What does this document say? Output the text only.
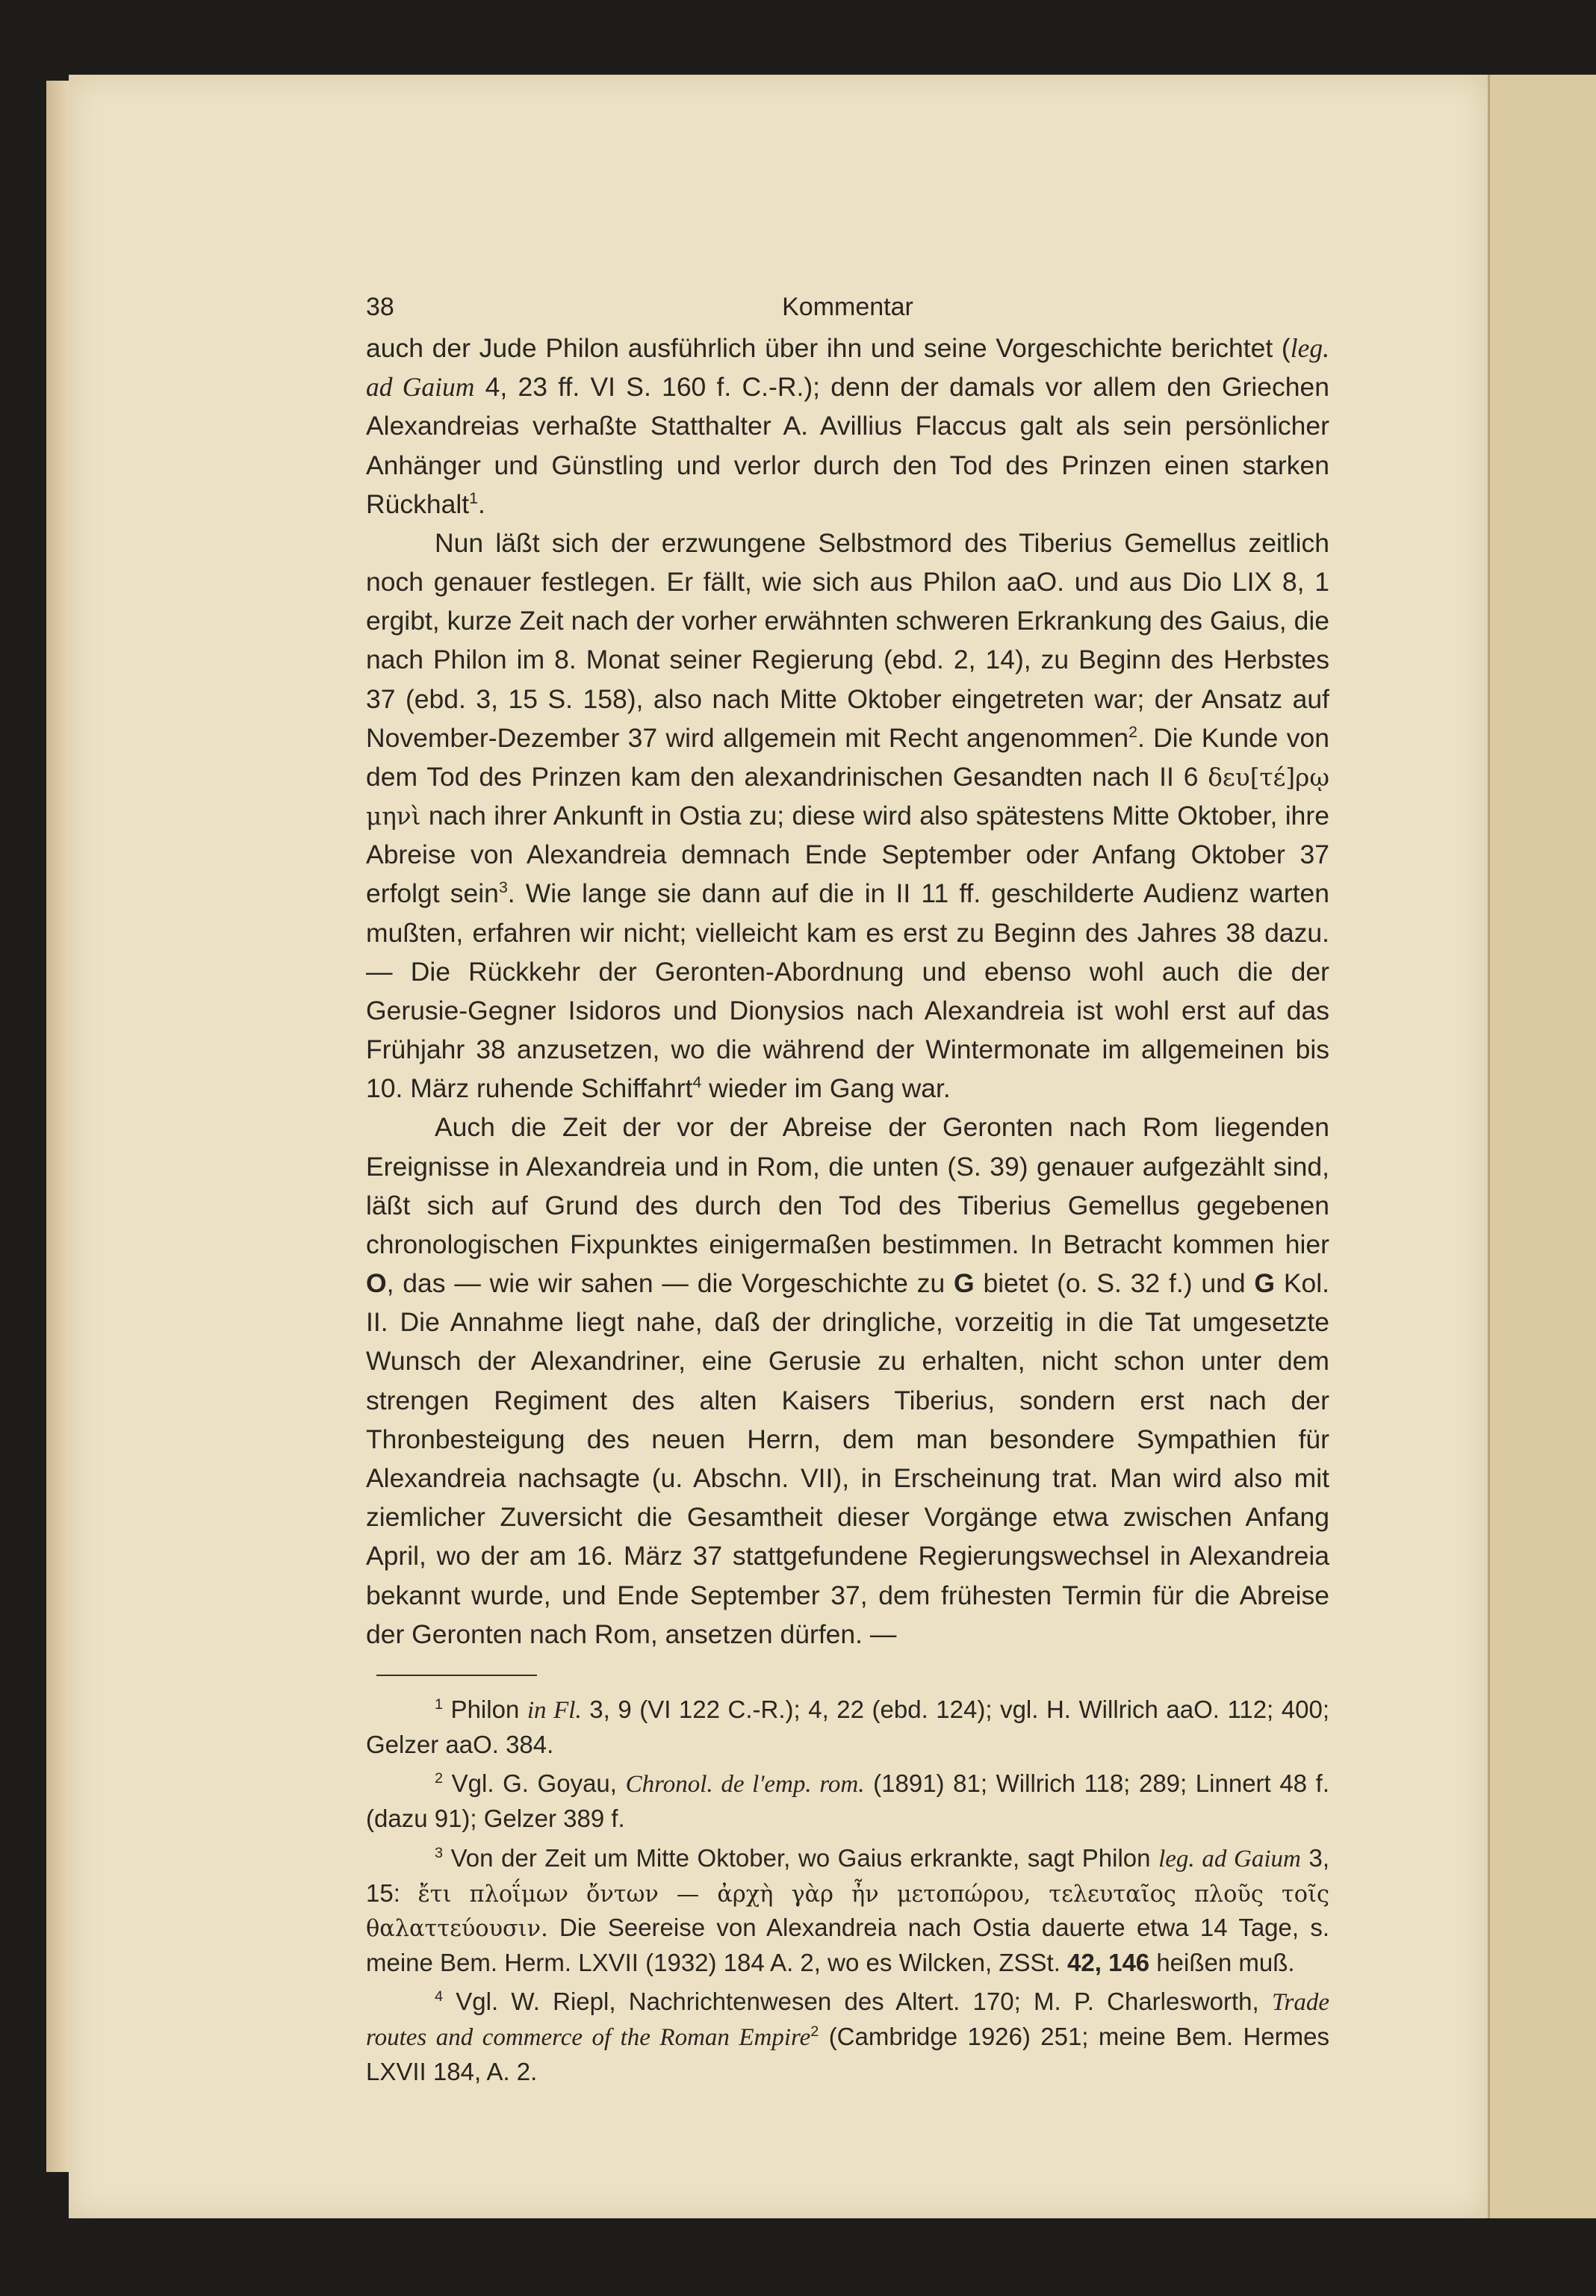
38	Kommentar

auch der Jude Philon ausführlich über ihn und seine Vorgeschichte berichtet (leg. ad Gaium 4, 23 ff. VI S. 160 f. C.-R.); denn der damals vor allem den Griechen Alexandreias verhaßte Statthalter A. Avillius Flaccus galt als sein persönlicher Anhänger und Günstling und verlor durch den Tod des Prinzen einen starken Rückhalt$^1$.

Nun läßt sich der erzwungene Selbstmord des Tiberius Gemellus zeitlich noch genauer festlegen. Er fällt, wie sich aus Philon aaO. und aus Dio LIX 8, 1 ergibt, kurze Zeit nach der vorher erwähnten schweren Erkrankung des Gaius, die nach Philon im 8. Monat seiner Regierung (ebd. 2, 14), zu Beginn des Herbstes 37 (ebd. 3, 15 S. 158), also nach Mitte Oktober eingetreten war; der Ansatz auf November-Dezember 37 wird allgemein mit Recht angenommen$^2$. Die Kunde von dem Tod des Prinzen kam den alexandrinischen Gesandten nach II 6 δευ[τέ]ρῳ μηνὶ nach ihrer Ankunft in Ostia zu; diese wird also spätestens Mitte Oktober, ihre Abreise von Alexandreia demnach Ende September oder Anfang Oktober 37 erfolgt sein$^3$. Wie lange sie dann auf die in II 11 ff. geschilderte Audienz warten mußten, erfahren wir nicht; vielleicht kam es erst zu Beginn des Jahres 38 dazu. — Die Rückkehr der Geronten-Abordnung und ebenso wohl auch die der Gerusie-Gegner Isidoros und Dionysios nach Alexandreia ist wohl erst auf das Frühjahr 38 anzusetzen, wo die während der Wintermonate im allgemeinen bis 10. März ruhende Schiffahrt$^4$ wieder im Gang war.

Auch die Zeit der vor der Abreise der Geronten nach Rom liegenden Ereignisse in Alexandreia und in Rom, die unten (S. 39) genauer aufgezählt sind, läßt sich auf Grund des durch den Tod des Tiberius Gemellus gegebenen chronologischen Fixpunktes einigermaßen bestimmen. In Betracht kommen hier O, das — wie wir sahen — die Vorgeschichte zu G bietet (o. S. 32 f.) und G Kol. II. Die Annahme liegt nahe, daß der dringliche, vorzeitig in die Tat umgesetzte Wunsch der Alexandriner, eine Gerusie zu erhalten, nicht schon unter dem strengen Regiment des alten Kaisers Tiberius, sondern erst nach der Thronbesteigung des neuen Herrn, dem man besondere Sympathien für Alexandreia nachsagte (u. Abschn. VII), in Erscheinung trat. Man wird also mit ziemlicher Zuversicht die Gesamtheit dieser Vorgänge etwa zwischen Anfang April, wo der am 16. März 37 stattgefundene Regierungswechsel in Alexandreia bekannt wurde, und Ende September 37, dem frühesten Termin für die Abreise der Geronten nach Rom, ansetzen dürfen. —

$^1$ Philon in Fl. 3, 9 (VI 122 C.-R.); 4, 22 (ebd. 124); vgl. H. Willrich aaO. 112; 400; Gelzer aaO. 384.

$^2$ Vgl. G. Goyau, Chronol. de l'emp. rom. (1891) 81; Willrich 118; 289; Linnert 48 f. (dazu 91); Gelzer 389 f.

$^3$ Von der Zeit um Mitte Oktober, wo Gaius erkrankte, sagt Philon leg. ad Gaium 3, 15: ἔτι πλοΐμων ὄντων — ἀρχὴ γὰρ ἦν μετοπώρου, τελευταῖος πλοῦς τοῖς θαλαττεύουσιν. Die Seereise von Alexandreia nach Ostia dauerte etwa 14 Tage, s. meine Bem. Herm. LXVII (1932) 184 A. 2, wo es Wilcken, ZSSt. 42, 146 heißen muß.

$^4$ Vgl. W. Riepl, Nachrichtenwesen des Altert. 170; M. P. Charlesworth, Trade routes and commerce of the Roman Empire$^2$ (Cambridge 1926) 251; meine Bem. Hermes LXVII 184, A. 2.
